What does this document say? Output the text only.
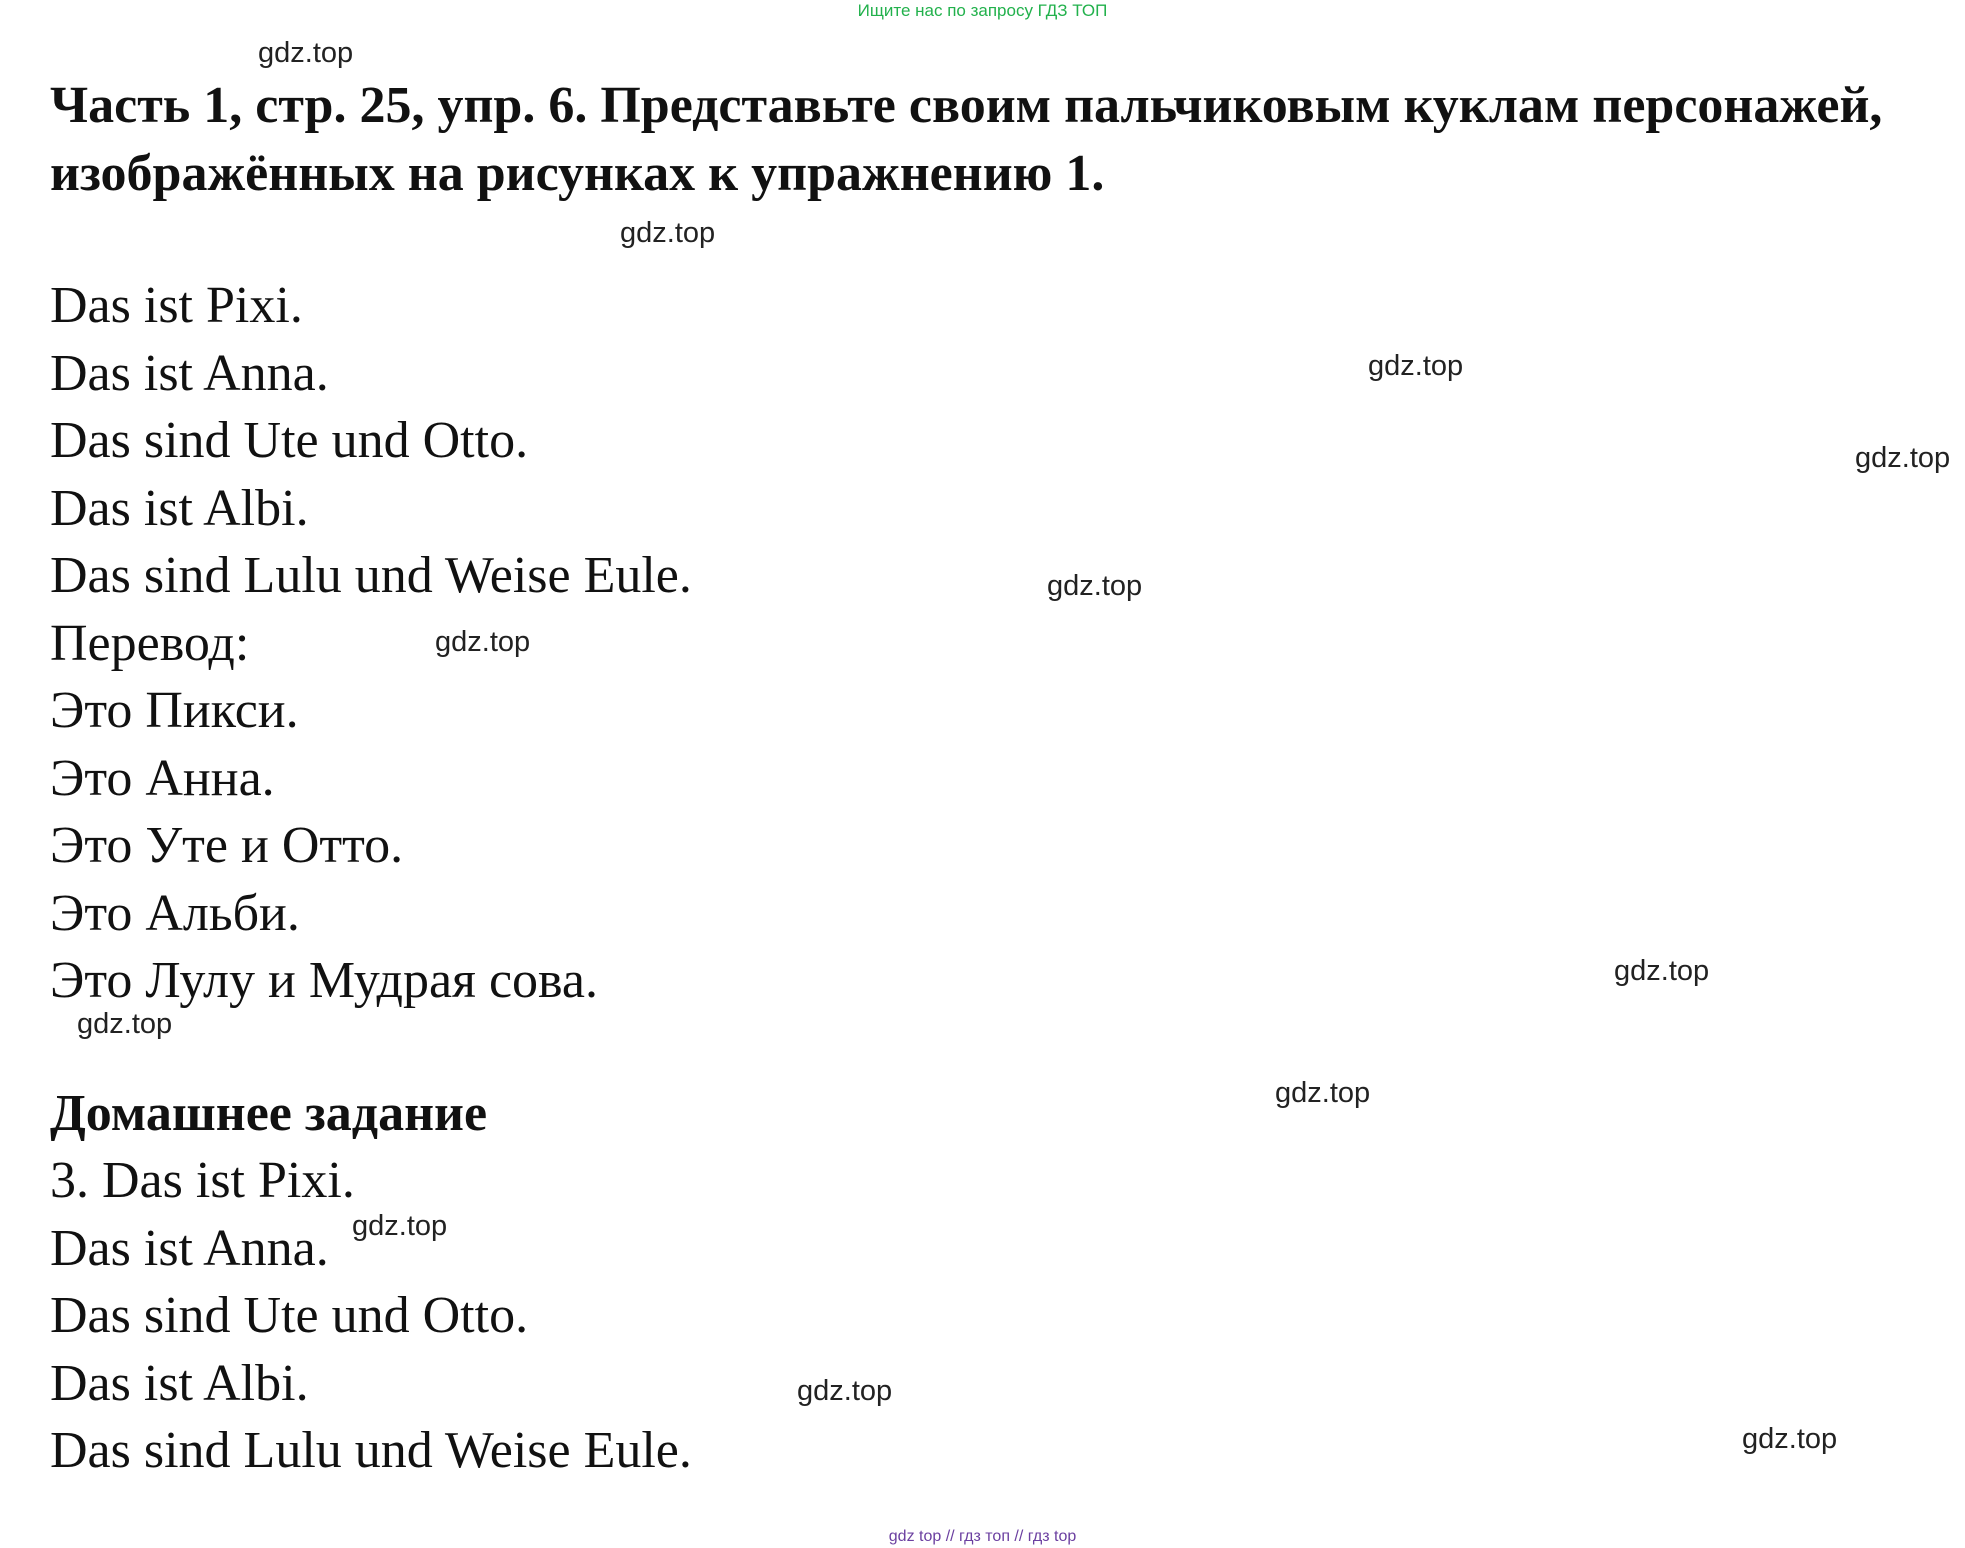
Ищите нас по запросу ГДЗ ТОП
Часть 1, стр. 25, упр. 6. Представьте своим пальчиковым куклам персонажей, изображённых на рисунках к упражнению 1.
Das ist Pixi.
Das ist Anna.
Das sind Ute und Otto.
Das ist Albi.
Das sind Lulu und Weise Eule.
Перевод:
Это Пикси.
Это Анна.
Это Уте и Отто.
Это Альби.
Это Лулу и Мудрая сова.
Домашнее задание
3. Das ist Pixi.
Das ist Anna.
Das sind Ute und Otto.
Das ist Albi.
Das sind Lulu und Weise Eule.
gdz.top
gdz.top
gdz.top
gdz.top
gdz.top
gdz.top
gdz.top
gdz.top
gdz.top
gdz.top
gdz.top
gdz.top
gdz top // гдз топ // гдз top
